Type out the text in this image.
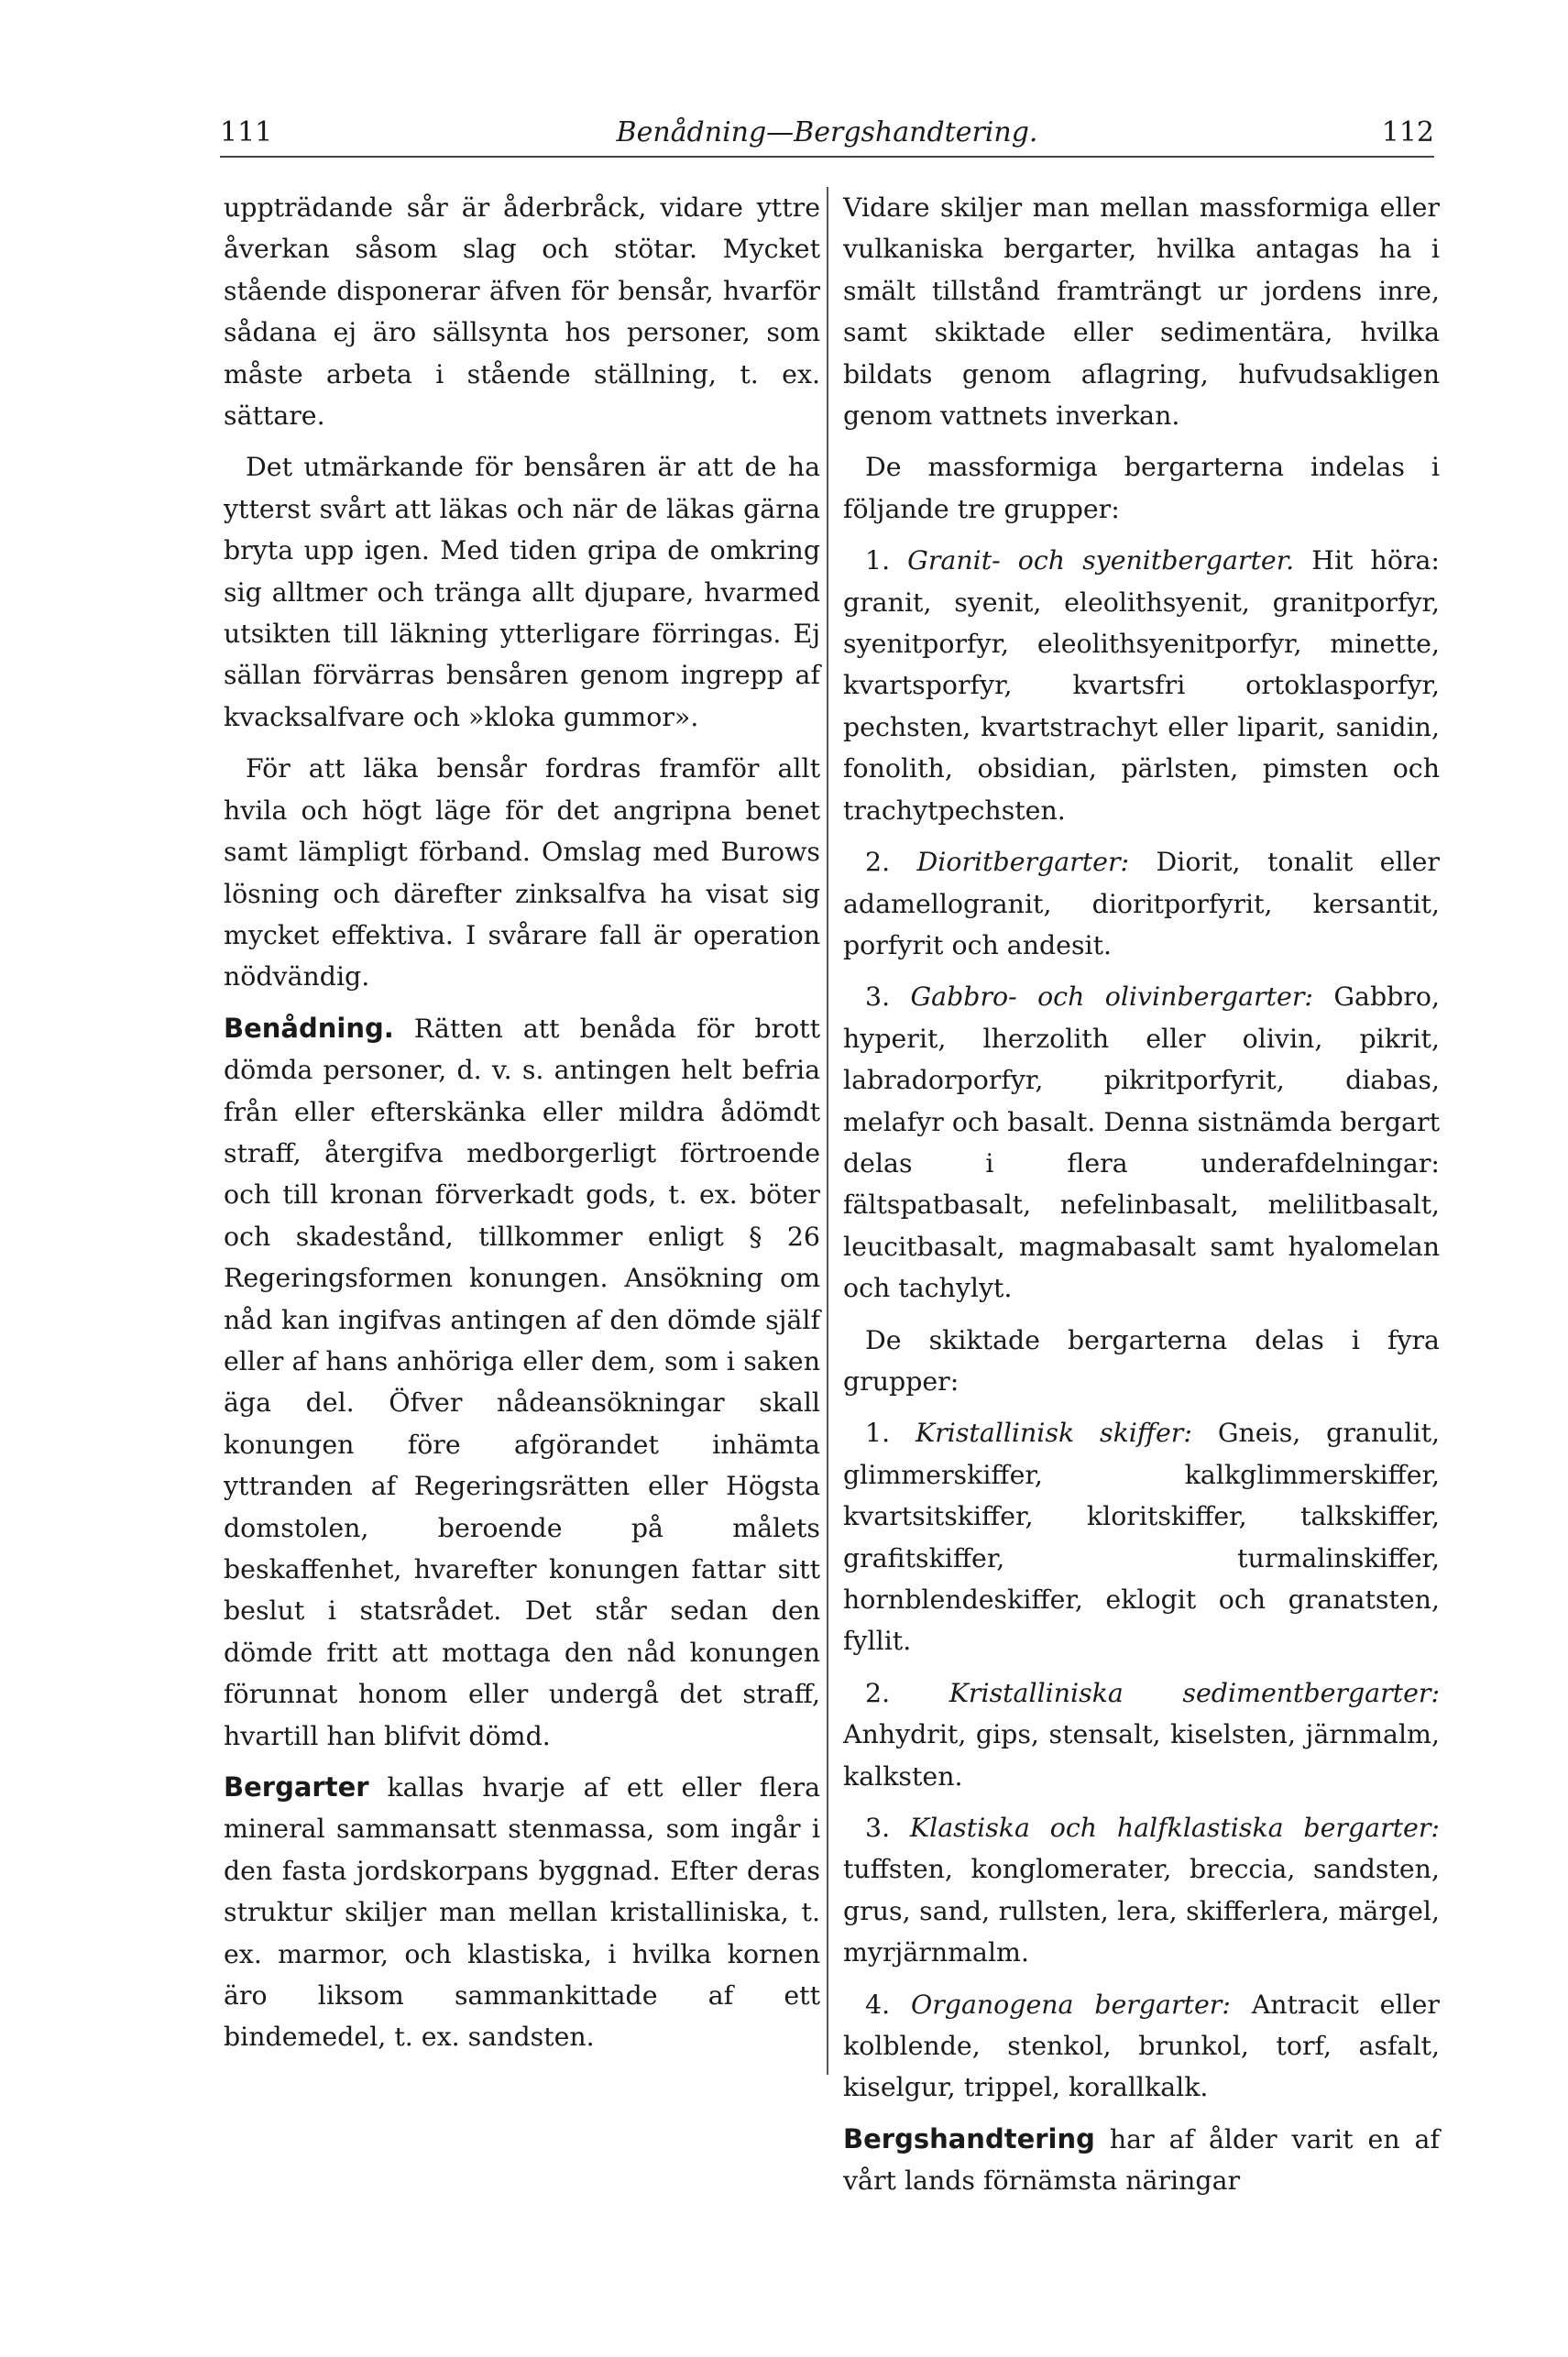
111	Benådning—Bergshandtering.	112

uppträdande sår är åderbråck, vidare yttre åverkan såsom slag och stötar. Mycket stående disponerar äfven för bensår, hvarför sådana ej äro sällsynta hos personer, som måste arbeta i stående ställning, t. ex. sättare.

Det utmärkande för bensåren är att de ha ytterst svårt att läkas och när de läkas gärna bryta upp igen. Med tiden gripa de omkring sig alltmer och tränga allt djupare, hvarmed utsikten till läkning ytterligare förringas. Ej sällan förvärras bensåren genom ingrepp af kvacksalfvare och »kloka gummor».

För att läka bensår fordras framför allt hvila och högt läge för det angripna benet samt lämpligt förband. Omslag med Burows lösning och därefter zinksalfva ha visat sig mycket effektiva. I svårare fall är operation nödvändig.

Benådning. Rätten att benåda för brott dömda personer, d. v. s. antingen helt befria från eller efterskänka eller mildra ådömdt straff, återgifva medborgerligt förtroende och till kronan förverkadt gods, t. ex. böter och skadestånd, tillkommer enligt § 26 Regeringsformen konungen. Ansökning om nåd kan ingifvas antingen af den dömde själf eller af hans anhöriga eller dem, som i saken äga del. Öfver nådeansökningar skall konungen före afgörandet inhämta yttranden af Regeringsrätten eller Högsta domstolen, beroende på målets beskaffenhet, hvarefter konungen fattar sitt beslut i statsrådet. Det står sedan den dömde fritt att mottaga den nåd konungen förunnat honom eller undergå det straff, hvartill han blifvit dömd.

Bergarter kallas hvarje af ett eller flera mineral sammansatt stenmassa, som ingår i den fasta jordskorpans byggnad. Efter deras struktur skiljer man mellan kristalliniska, t. ex. marmor, och klastiska, i hvilka kornen äro liksom sammankittade af ett bindemedel, t. ex. sandsten.

Vidare skiljer man mellan massformiga eller vulkaniska bergarter, hvilka antagas ha i smält tillstånd framträngt ur jordens inre, samt skiktade eller sedimentära, hvilka bildats genom aflagring, hufvudsakligen genom vattnets inverkan.

De massformiga bergarterna indelas i följande tre grupper:

1. Granit- och syenitbergarter. Hit höra: granit, syenit, eleolithsyenit, granitporfyr, syenitporfyr, eleolithsyenitporfyr, minette, kvartsporfyr, kvartsfri ortoklasporfyr, pechsten, kvartstrachyt eller liparit, sanidin, fonolith, obsidian, pärlsten, pimsten och trachytpechsten.

2. Dioritbergarter: Diorit, tonalit eller adamellogranit, dioritporfyrit, kersantit, porfyrit och andesit.

3. Gabbro- och olivinbergarter: Gabbro, hyperit, lherzolith eller olivin, pikrit, labradorporfyr, pikritporfyrit, diabas, melafyr och basalt. Denna sistnämda bergart delas i flera underafdelningar: fältspatbasalt, nefelinbasalt, melilitbasalt, leucitbasalt, magmabasalt samt hyalomelan och tachylyt.

De skiktade bergarterna delas i fyra grupper:

1. Kristallinisk skiffer: Gneis, granulit, glimmerskiffer, kalkglimmerskiffer, kvartsitskiffer, kloritskiffer, talkskiffer, grafitskiffer, turmalinskiffer, hornblendeskiffer, eklogit och granatsten, fyllit.

2. Kristalliniska sedimentbergarter: Anhydrit, gips, stensalt, kiselsten, järnmalm, kalksten.

3. Klastiska och halfklastiska bergarter: tuffsten, konglomerater, breccia, sandsten, grus, sand, rullsten, lera, skifferlera, märgel, myrjärnmalm.

4. Organogena bergarter: Antracit eller kolblende, stenkol, brunkol, torf, asfalt, kiselgur, trippel, korallkalk.

Bergshandtering har af ålder varit en af vårt lands förnämsta näringar
